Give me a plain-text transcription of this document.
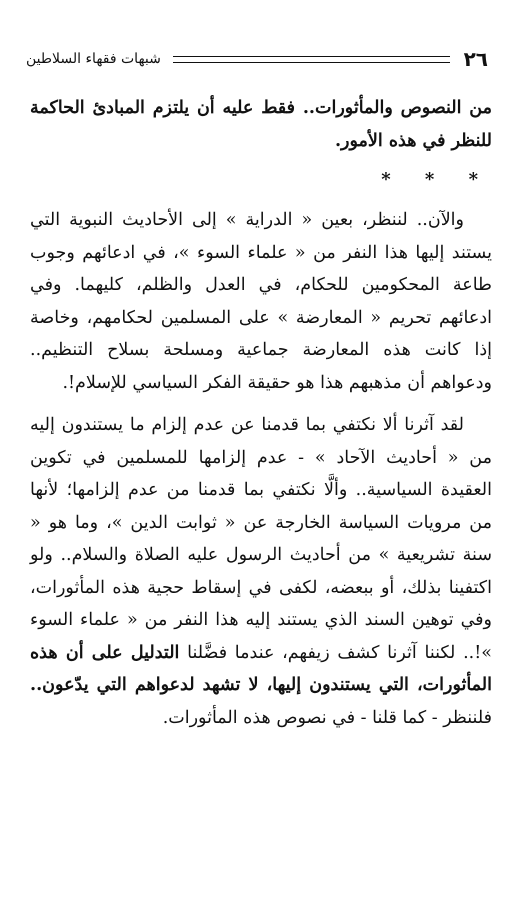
٢٦
شبهات فقهاء السلاطين

من النصوص والمأثورات.. فقط عليه أن يلتزم المبادئ الحاكمة للنظر في هذه الأمور.

* * *

والآن.. لننظر، بعين « الدراية » إلى الأحاديث النبوية التي يستند إليها هذا النفر من « علماء السوء »، في ادعائهم وجوب طاعة المحكومين للحكام، في العدل والظلم، كليهما. وفي ادعائهم تحريم « المعارضة » على المسلمين لحكامهم، وخاصة إذا كانت هذه المعارضة جماعية ومسلحة بسلاح التنظيم.. ودعواهم أن مذهبهم هذا هو حقيقة الفكر السياسي للإسلام!.

لقد آثرنا ألا نكتفي بما قدمنا عن عدم إلزام ما يستندون إليه من « أحاديث الآحاد » - عدم إلزامها للمسلمين في تكوين العقيدة السياسية.. وألَّا نكتفي بما قدمنا من عدم إلزامها؛ لأنها من مرويات السياسة الخارجة عن « ثوابت الدين »، وما هو « سنة تشريعية » من أحاديث الرسول عليه الصلاة والسلام.. ولو اكتفينا بذلك، أو ببعضه، لكفى في إسقاط حجية هذه المأثورات، وفي توهين السند الذي يستند إليه هذا النفر من « علماء السوء »!.. لكننا آثرنا كشف زيفهم، عندما فضَّلنا التدليل على أن هذه المأثورات، التي يستندون إليها، لا تشهد لدعواهم التي يدّعون.. فلننظر - كما قلنا - في نصوص هذه المأثورات.
